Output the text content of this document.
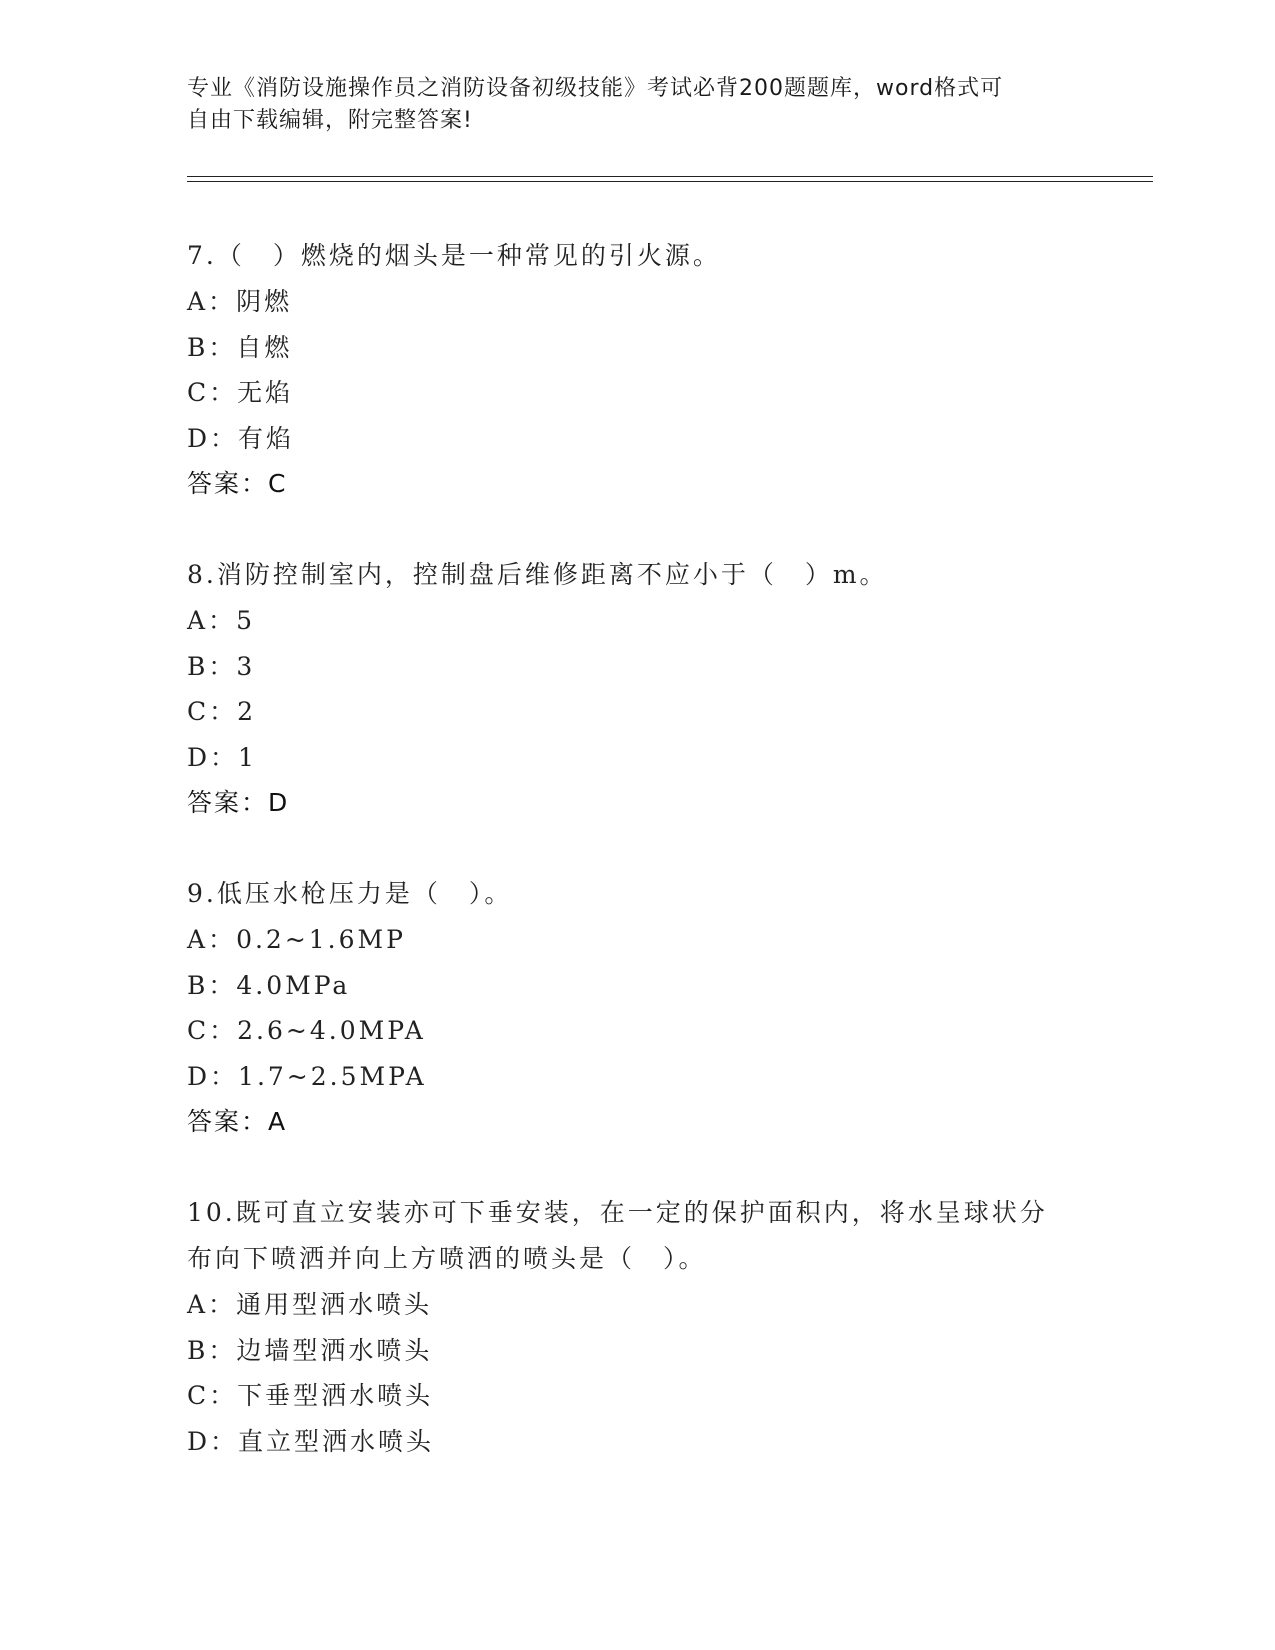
专业《消防设施操作员之消防设备初级技能》考试必背200题题库，word格式可
自由下载编辑，附完整答案!

7.（　）燃烧的烟头是一种常见的引火源。

A：阴燃

B：自燃

C：无焰

D：有焰

答案：C

8.消防控制室内，控制盘后维修距离不应小于（　）m。

A：5

B：3

C：2

D：1

答案：D

9.低压水枪压力是（　）。

A：0.2~1.6MP

B：4.0MPa

C：2.6~4.0MPA

D：1.7~2.5MPA

答案：A

10.既可直立安装亦可下垂安装，在一定的保护面积内，将水呈球状分

布向下喷洒并向上方喷洒的喷头是（　）。

A：通用型洒水喷头

B：边墙型洒水喷头

C：下垂型洒水喷头

D：直立型洒水喷头
